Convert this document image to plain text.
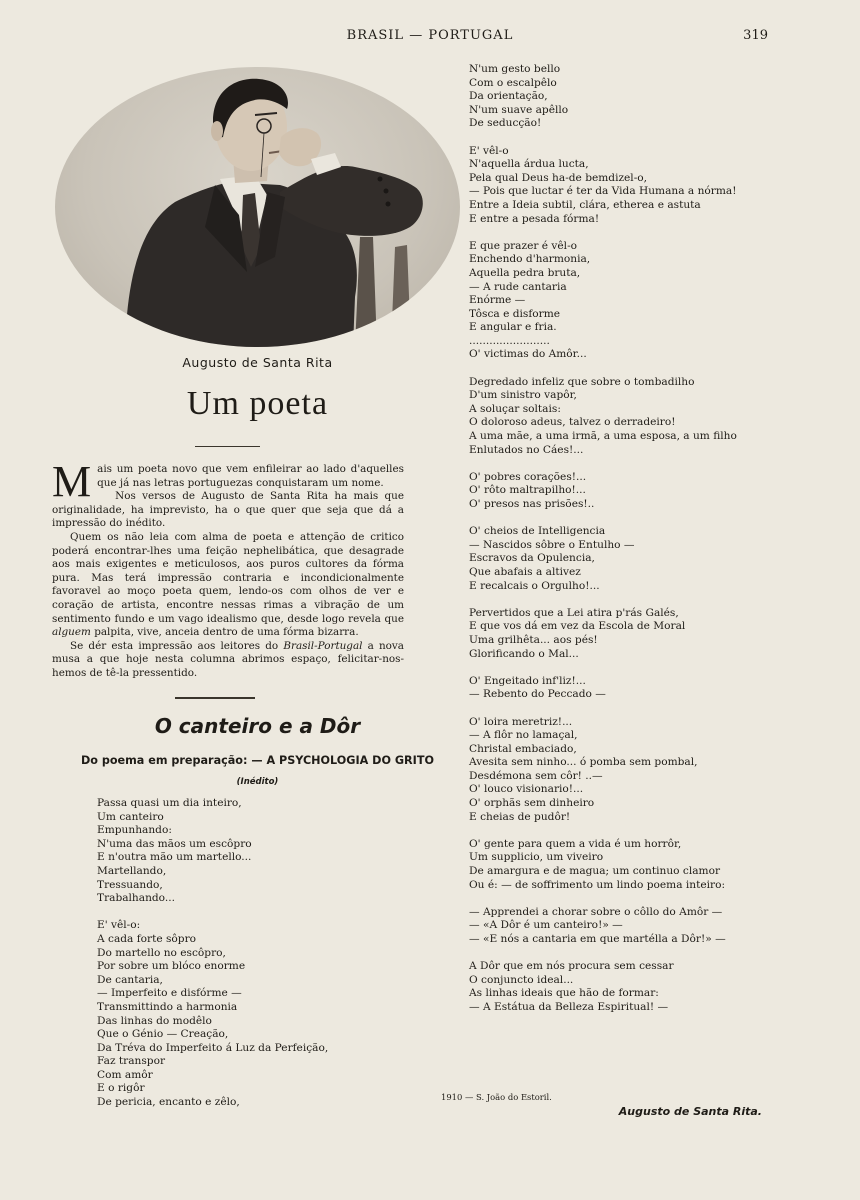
BRASIL — PORTUGAL	319
Augusto de Santa Rita
Um poeta

Mais um poeta novo que vem enfileirar ao lado d'aquelles que já nas letras portuguezas conquistaram um nome.

Nos versos de Augusto de Santa Rita ha mais que originalidade, ha imprevisto, ha o que quer que seja que dá a impressão do inédito.

Quem os não leia com alma de poeta e attenção de critico poderá encontrar-lhes uma feição nephelibática, que desagrade aos mais exigentes e meticulosos, aos puros cultores da fórma pura. Mas terá impressão contraria e incondicionalmente favoravel ao moço poeta quem, lendo-os com olhos de ver e coração de artista, encontre nessas rimas a vibração de um sentimento fundo e um vago idealismo que, desde logo revela que alguem palpita, vive, anceia dentro de uma fórma bizarra.

Se dér esta impressão aos leitores do Brasil-Portugal a nova musa a que hoje nesta columna abrimos espaço, felicitar-nos-hemos de tê-la pressentido.

O canteiro e a Dôr
Do poema em preparação: — A PSYCHOLOGIA DO GRITO
(Inédito)
Passa quasi um dia inteiro,
Um canteiro
Empunhando:
N'uma das mãos um escôpro
E n'outra mão um martello...
Martellando,
Tressuando,
Trabalhando...
E' vêl-o:
A cada forte sôpro
Do martello no escôpro,
Por sobre um blóco enorme
De cantaria,
— Imperfeito e disfórme —
Transmittindo a harmonia
Das linhas do modêlo
Que o Génio — Creação,
Da Tréva do Imperfeito á Luz da Perfeição,
Faz transpor
Com amôr
E o rigôr
De pericia, encanto e zêlo,
N'um gesto bello
Com o escalpêlo
Da orientação,
N'um suave apêllo
De seducção!
E' vêl-o
N'aquella árdua lucta,
Pela qual Deus ha-de bemdizel-o,
— Pois que luctar é ter da Vida Humana a nórma!
Entre a Ideia subtil, clára, etherea e astuta
E entre a pesada fórma!
E que prazer é vêl-o
Enchendo d'harmonia,
Aquella pedra bruta,
— A rude cantaria
Enórme —
Tôsca e disforme
E angular e fria.
........................
O' victimas do Amôr...
Degredado infeliz que sobre o tombadilho
D'um sinistro vapôr,
A soluçar soltais:
O doloroso adeus, talvez o derradeiro!
A uma mãe, a uma irmã, a uma esposa, a um filho
Enlutados no Cáes!...
O' pobres corações!...
O' rôto maltrapilho!...
O' presos nas prisões!..
O' cheios de Intelligencia
— Nascidos sôbre o Entulho —
Escravos da Opulencia,
Que abafais a altivez
E recalcais o Orgulho!...
Pervertidos que a Lei atira p'rás Galés,
E que vos dá em vez da Escola de Moral
Uma grilhêta... aos pés!
Glorificando o Mal...
O' Engeitado inf'liz!...
— Rebento do Peccado —
O' loira meretriz!...
— A flôr no lamaçal,
Christal embaciado,
Avesita sem ninho... ó pomba sem pombal,
Desdémona sem côr! ..—
O' louco visionario!...
O' orphãs sem dinheiro
E cheias de pudôr!
O' gente para quem a vida é um horrôr,
Um supplicio, um viveiro
De amargura e de magua; um continuo clamor
Ou é: — de soffrimento um lindo poema inteiro:
— Apprendei a chorar sobre o côllo do Amôr —
— «A Dôr é um canteiro!» —
— «E nós a cantaria em que martélla a Dôr!» —
A Dôr que em nós procura sem cessar
O conjuncto ideal...
As linhas ideais que hão de formar:
— A Estátua da Belleza Espiritual! —
1910 — S. João do Estoril.
Augusto de Santa Rita.
